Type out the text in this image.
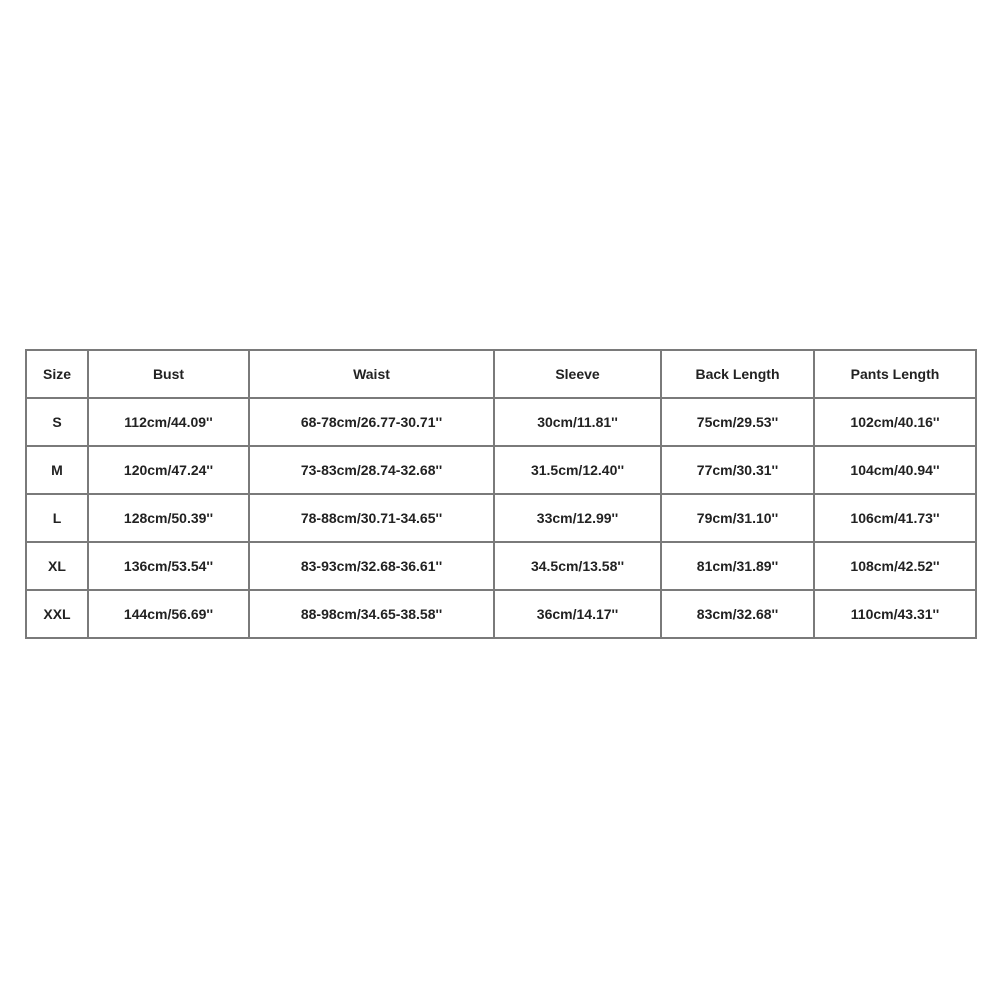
Size	Bust	Waist	Sleeve	Back Length	Pants Length
S	112cm/44.09''	68-78cm/26.77-30.71''	30cm/11.81''	75cm/29.53''	102cm/40.16''
M	120cm/47.24''	73-83cm/28.74-32.68''	31.5cm/12.40''	77cm/30.31''	104cm/40.94''
L	128cm/50.39''	78-88cm/30.71-34.65''	33cm/12.99''	79cm/31.10''	106cm/41.73''
XL	136cm/53.54''	83-93cm/32.68-36.61''	34.5cm/13.58''	81cm/31.89''	108cm/42.52''
XXL	144cm/56.69''	88-98cm/34.65-38.58''	36cm/14.17''	83cm/32.68''	110cm/43.31''
